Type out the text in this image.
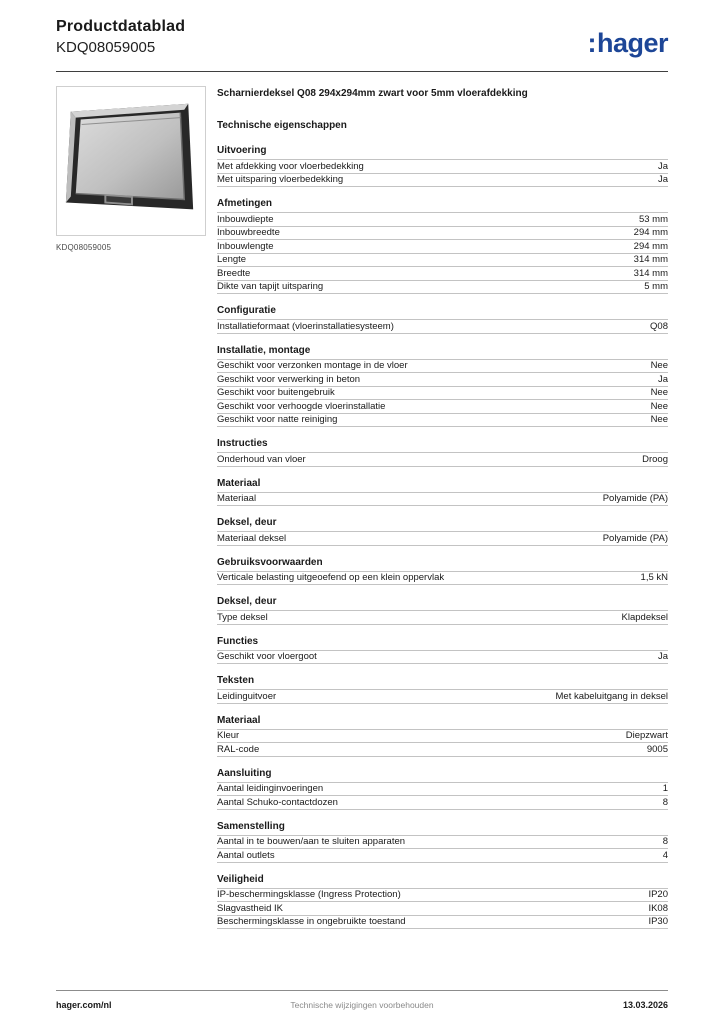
Productdatablad
KDQ08059005	:hager
KDQ08059005
Scharnierdeksel Q08 294x294mm zwart voor 5mm vloerafdekking
Technische eigenschappen
Uitvoering
Met afdekking voor vloerbedekking	Ja
Met uitsparing vloerbedekking	Ja
Afmetingen
Inbouwdiepte	53 mm
Inbouwbreedte	294 mm
Inbouwlengte	294 mm
Lengte	314 mm
Breedte	314 mm
Dikte van tapijt uitsparing	5 mm
Configuratie
Installatieformaat (vloerinstallatiesysteem)	Q08
Installatie, montage
Geschikt voor verzonken montage in de vloer	Nee
Geschikt voor verwerking in beton	Ja
Geschikt voor buitengebruik	Nee
Geschikt voor verhoogde vloerinstallatie	Nee
Geschikt voor natte reiniging	Nee
Instructies
Onderhoud van vloer	Droog
Materiaal
Materiaal	Polyamide (PA)
Deksel, deur
Materiaal deksel	Polyamide (PA)
Gebruiksvoorwaarden
Verticale belasting uitgeoefend op een klein oppervlak	1,5 kN
Deksel, deur
Type deksel	Klapdeksel
Functies
Geschikt voor vloergoot	Ja
Teksten
Leidinguitvoer	Met kabeluitgang in deksel
Materiaal
Kleur	Diepzwart
RAL-code	9005
Aansluiting
Aantal leidinginvoeringen	1
Aantal Schuko-contactdozen	8
Samenstelling
Aantal in te bouwen/aan te sluiten apparaten	8
Aantal outlets	4
Veiligheid
IP-beschermingsklasse (Ingress Protection)	IP20
Slagvastheid IK	IK08
Beschermingsklasse in ongebruikte toestand	IP30
hager.com/nl	Technische wijzigingen voorbehouden	13.03.2026
